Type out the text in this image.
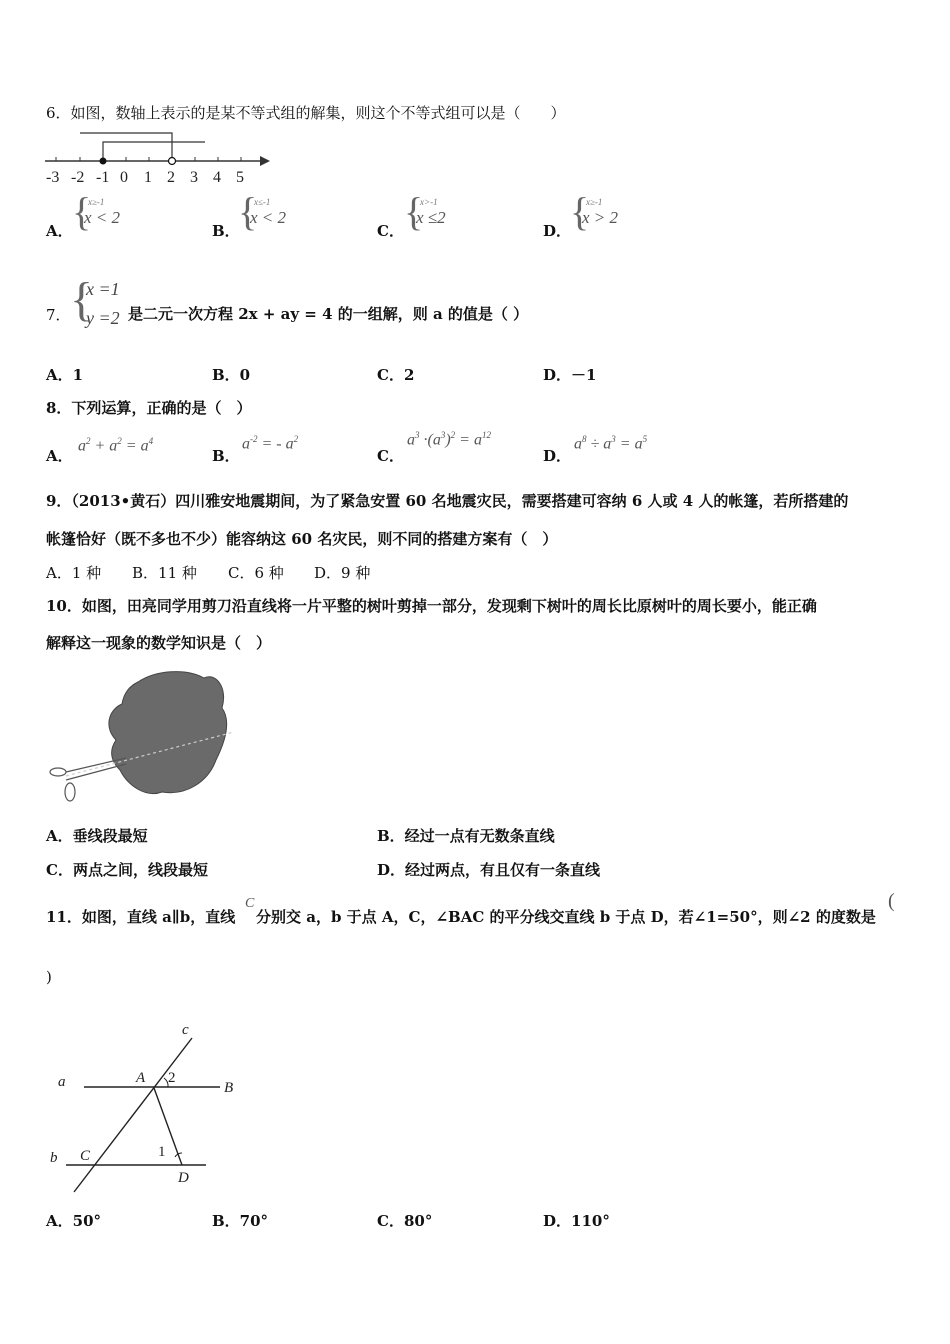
6．如图，数轴上表示的是某不等式组的解集，则这个不等式组可以是（　　）
-3 -2 -1 0 1 2 3 4 5
A． {
x≥-1
x < 2
B．
{
x≤-1
x < 2
C． {
x>-1
x ≤2
D．
{
x≥-1
x > 2
7． {
x =1
y =2 是二元一次方程 2x + ay = 4 的一组解，则 a 的值是（ ）
A．1	B．0	C．2	D．－1
8．下列运算，正确的是（　）
A．
$a^2 + a^2 = a^4$
B．
$a^{-2}$ = - $a^2$
C．
$a^3 \cdot(a^3)^2 = a^{12}$
D．
$a^8 \div a^3 = a^5$
9．（2013•黄石）四川雅安地震期间，为了紧急安置 60 名地震灾民，需要搭建可容纳 6 人或 4 人的帐篷，若所搭建的
帐篷恰好（既不多也不少）能容纳这 60 名灾民，则不同的搭建方案有（　）
A．1 种 B．11 种 C．6 种 D．9 种
10．如图，田亮同学用剪刀沿直线将一片平整的树叶剪掉一部分，发现剩下树叶的周长比原树叶的周长要小，能正确
解释这一现象的数学知识是（　）
A．垂线段最短	B．经过一点有无数条直线
C．两点之间，线段最短	D．经过两点，有且仅有一条直线
11．如图，直线 a∥b，直线
C
分别交 a，b 于点 A，C，∠BAC 的平分线交直线 b 于点 D，若∠1=50°，则∠2 的度数是
(
)
c
a	A 2
B
b C	1
D
A．50°	B．70°	C．80°	D．110°
